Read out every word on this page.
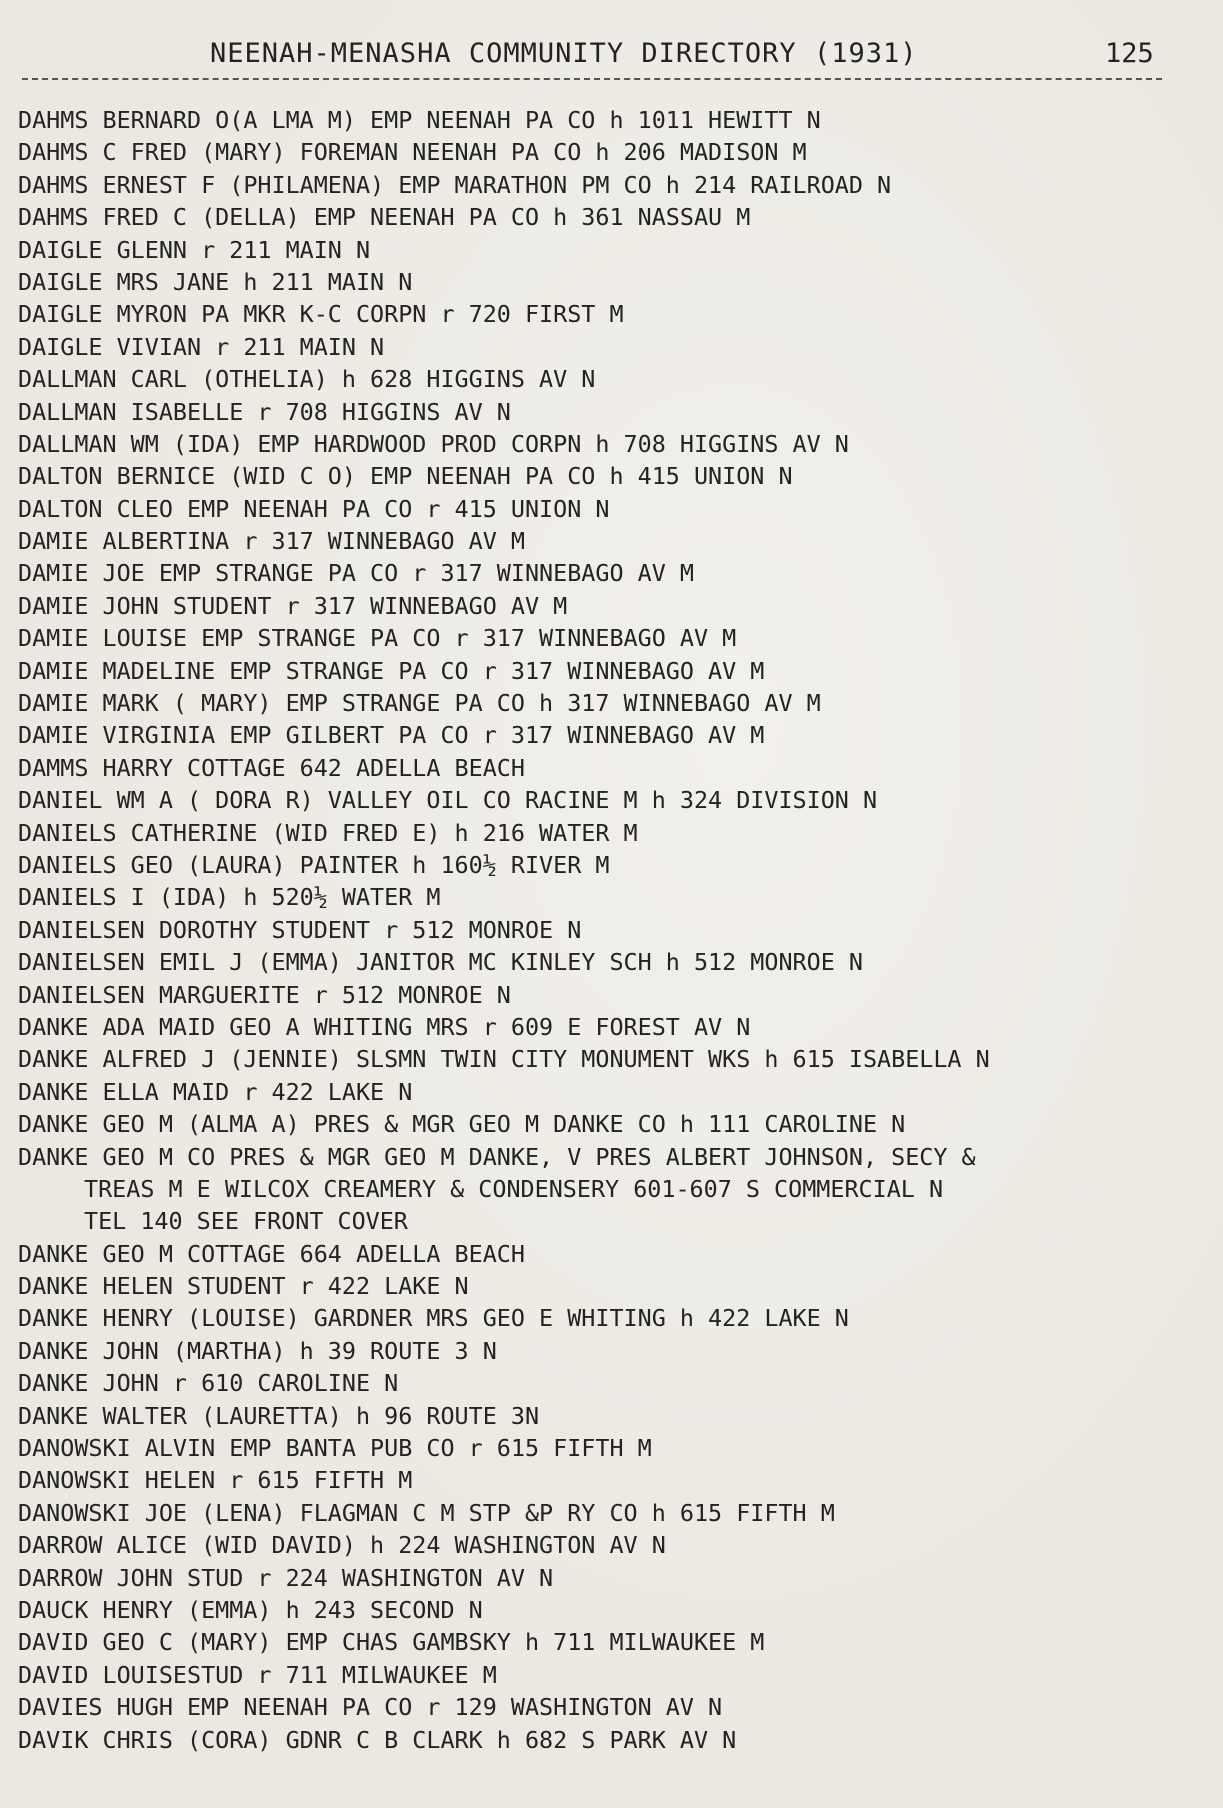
NEENAH-MENASHA COMMUNITY DIRECTORY (1931)	125
DAHMS BERNARD O(A LMA M) EMP NEENAH PA CO h 1011 HEWITT N
DAHMS C FRED (MARY) FOREMAN NEENAH PA CO h 206 MADISON M
DAHMS ERNEST F (PHILAMENA) EMP MARATHON PM CO h 214 RAILROAD N
DAHMS FRED C (DELLA) EMP NEENAH PA CO h 361 NASSAU M
DAIGLE GLENN r 211 MAIN N
DAIGLE MRS JANE h 211 MAIN N
DAIGLE MYRON PA MKR K-C CORPN r 720 FIRST M
DAIGLE VIVIAN r 211 MAIN N
DALLMAN CARL (OTHELIA) h 628 HIGGINS AV N
DALLMAN ISABELLE r 708 HIGGINS AV N
DALLMAN WM (IDA) EMP HARDWOOD PROD CORPN h 708 HIGGINS AV N
DALTON BERNICE (WID C O) EMP NEENAH PA CO h 415 UNION N
DALTON CLEO EMP NEENAH PA CO r 415 UNION N
DAMIE ALBERTINA r 317 WINNEBAGO AV M
DAMIE JOE EMP STRANGE PA CO r 317 WINNEBAGO AV M
DAMIE JOHN STUDENT r 317 WINNEBAGO AV M
DAMIE LOUISE EMP STRANGE PA CO r 317 WINNEBAGO AV M
DAMIE MADELINE EMP STRANGE PA CO r 317 WINNEBAGO AV M
DAMIE MARK ( MARY) EMP STRANGE PA CO h 317 WINNEBAGO AV M
DAMIE VIRGINIA EMP GILBERT PA CO r 317 WINNEBAGO AV M
DAMMS HARRY COTTAGE 642 ADELLA BEACH
DANIEL WM A ( DORA R) VALLEY OIL CO RACINE M h 324 DIVISION N
DANIELS CATHERINE (WID FRED E) h 216 WATER M
DANIELS GEO (LAURA) PAINTER h 160½ RIVER M
DANIELS I (IDA) h 520½ WATER M
DANIELSEN DOROTHY STUDENT r 512 MONROE N
DANIELSEN EMIL J (EMMA) JANITOR MC KINLEY SCH h 512 MONROE N
DANIELSEN MARGUERITE r 512 MONROE N
DANKE ADA MAID GEO A WHITING MRS r 609 E FOREST AV N
DANKE ALFRED J (JENNIE) SLSMN TWIN CITY MONUMENT WKS h 615 ISABELLA N
DANKE ELLA MAID r 422 LAKE N
DANKE GEO M (ALMA A) PRES & MGR GEO M DANKE CO h 111 CAROLINE N
DANKE GEO M CO PRES & MGR GEO M DANKE, V PRES ALBERT JOHNSON, SECY &
TREAS M E WILCOX CREAMERY & CONDENSERY 601-607 S COMMERCIAL N
TEL 140 SEE FRONT COVER
DANKE GEO M COTTAGE 664 ADELLA BEACH
DANKE HELEN STUDENT r 422 LAKE N
DANKE HENRY (LOUISE) GARDNER MRS GEO E WHITING h 422 LAKE N
DANKE JOHN (MARTHA) h 39 ROUTE 3 N
DANKE JOHN r 610 CAROLINE N
DANKE WALTER (LAURETTA) h 96 ROUTE 3N
DANOWSKI ALVIN EMP BANTA PUB CO r 615 FIFTH M
DANOWSKI HELEN r 615 FIFTH M
DANOWSKI JOE (LENA) FLAGMAN C M STP &P RY CO h 615 FIFTH M
DARROW ALICE (WID DAVID) h 224 WASHINGTON AV N
DARROW JOHN STUD r 224 WASHINGTON AV N
DAUCK HENRY (EMMA) h 243 SECOND N
DAVID GEO C (MARY) EMP CHAS GAMBSKY h 711 MILWAUKEE M
DAVID LOUISESTUD r 711 MILWAUKEE M
DAVIES HUGH EMP NEENAH PA CO r 129 WASHINGTON AV N
DAVIK CHRIS (CORA) GDNR C B CLARK h 682 S PARK AV N
